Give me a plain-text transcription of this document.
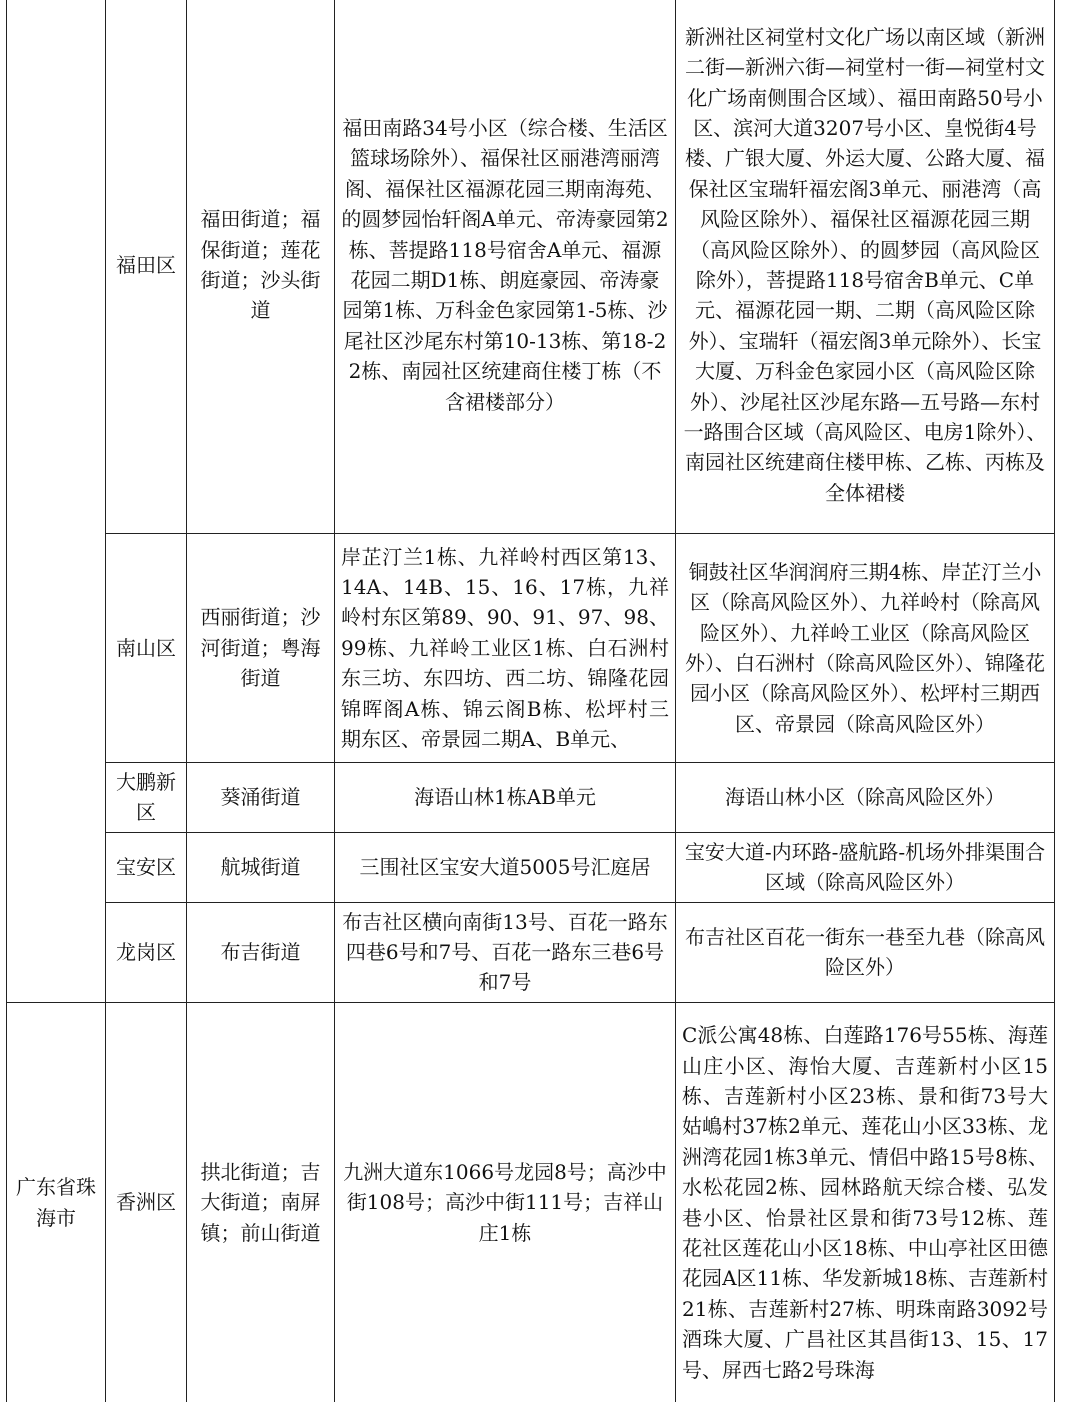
	福田区	福田街道；福保街道；莲花街道；沙头街道	福田南路34号小区（综合楼、生活区篮球场除外）、福保社区丽港湾丽湾阁、福保社区福源花园三期南海苑、的圆梦园怡轩阁A单元、帝涛豪园第2栋、菩提路118号宿舍A单元、福源花园二期D1栋、朗庭豪园、帝涛豪园第1栋、万科金色家园第1-5栋、沙尾社区沙尾东村第10-13栋、第18-22栋、南园社区统建商住楼丁栋（不含裙楼部分）	新洲社区祠堂村文化广场以南区域（新洲二街—新洲六街—祠堂村一街—祠堂村文化广场南侧围合区域）、福田南路50号小区、滨河大道3207号小区、皇悦街4号楼、广银大厦、外运大厦、公路大厦、福保社区宝瑞轩福宏阁3单元、丽港湾（高风险区除外）、福保社区福源花园三期（高风险区除外）、的圆梦园（高风险区除外），菩提路118号宿舍B单元、C单元、福源花园一期、二期（高风险区除外）、宝瑞轩（福宏阁3单元除外）、长宝大厦、万科金色家园小区（高风险区除外）、沙尾社区沙尾东路—五号路—东村一路围合区域（高风险区、电房1除外）、南园社区统建商住楼甲栋、乙栋、丙栋及全体裙楼

	南山区	西丽街道；沙河街道；粤海街道	岸芷汀兰1栋、九祥岭村西区第13、14A、14B、15、16、17栋，九祥岭村东区第89、90、91、97、98、99栋、九祥岭工业区1栋、白石洲村东三坊、东四坊、西二坊、锦隆花园锦晖阁A栋、锦云阁B栋、松坪村三期东区、帝景园二期A、B单元、	铜鼓社区华润润府三期4栋、岸芷汀兰小区（除高风险区外）、九祥岭村（除高风险区外）、九祥岭工业区（除高风险区外）、白石洲村（除高风险区外）、锦隆花园小区（除高风险区外）、松坪村三期西区、帝景园（除高风险区外）

	大鹏新区	葵涌街道	海语山林1栋AB单元	海语山林小区（除高风险区外）

	宝安区	航城街道	三围社区宝安大道5005号汇庭居	宝安大道-内环路-盛航路-机场外排渠围合区域（除高风险区外）

	龙岗区	布吉街道	布吉社区横向南街13号、百花一路东四巷6号和7号、百花一路东三巷6号和7号	布吉社区百花一街东一巷至九巷（除高风险区外）

广东省珠海市	香洲区	拱北街道；吉大街道；南屏镇；前山街道	九洲大道东1066号龙园8号；高沙中街108号；高沙中街111号；吉祥山庄1栋	C派公寓48栋、白莲路176号55栋、海莲山庄小区、海怡大厦、吉莲新村小区15栋、吉莲新村小区23栋、景和街73号大姑嶋村37栋2单元、莲花山小区33栋、龙洲湾花园1栋3单元、情侣中路15号8栋、水松花园2栋、园林路航天综合楼、弘发巷小区、怡景社区景和街73号12栋、莲花社区莲花山小区18栋、中山亭社区田德花园A区11栋、华发新城18栋、吉莲新村21栋、吉莲新村27栋、明珠南路3092号酒珠大厦、广昌社区其昌街13、15、17号、屏西七路2号珠海
